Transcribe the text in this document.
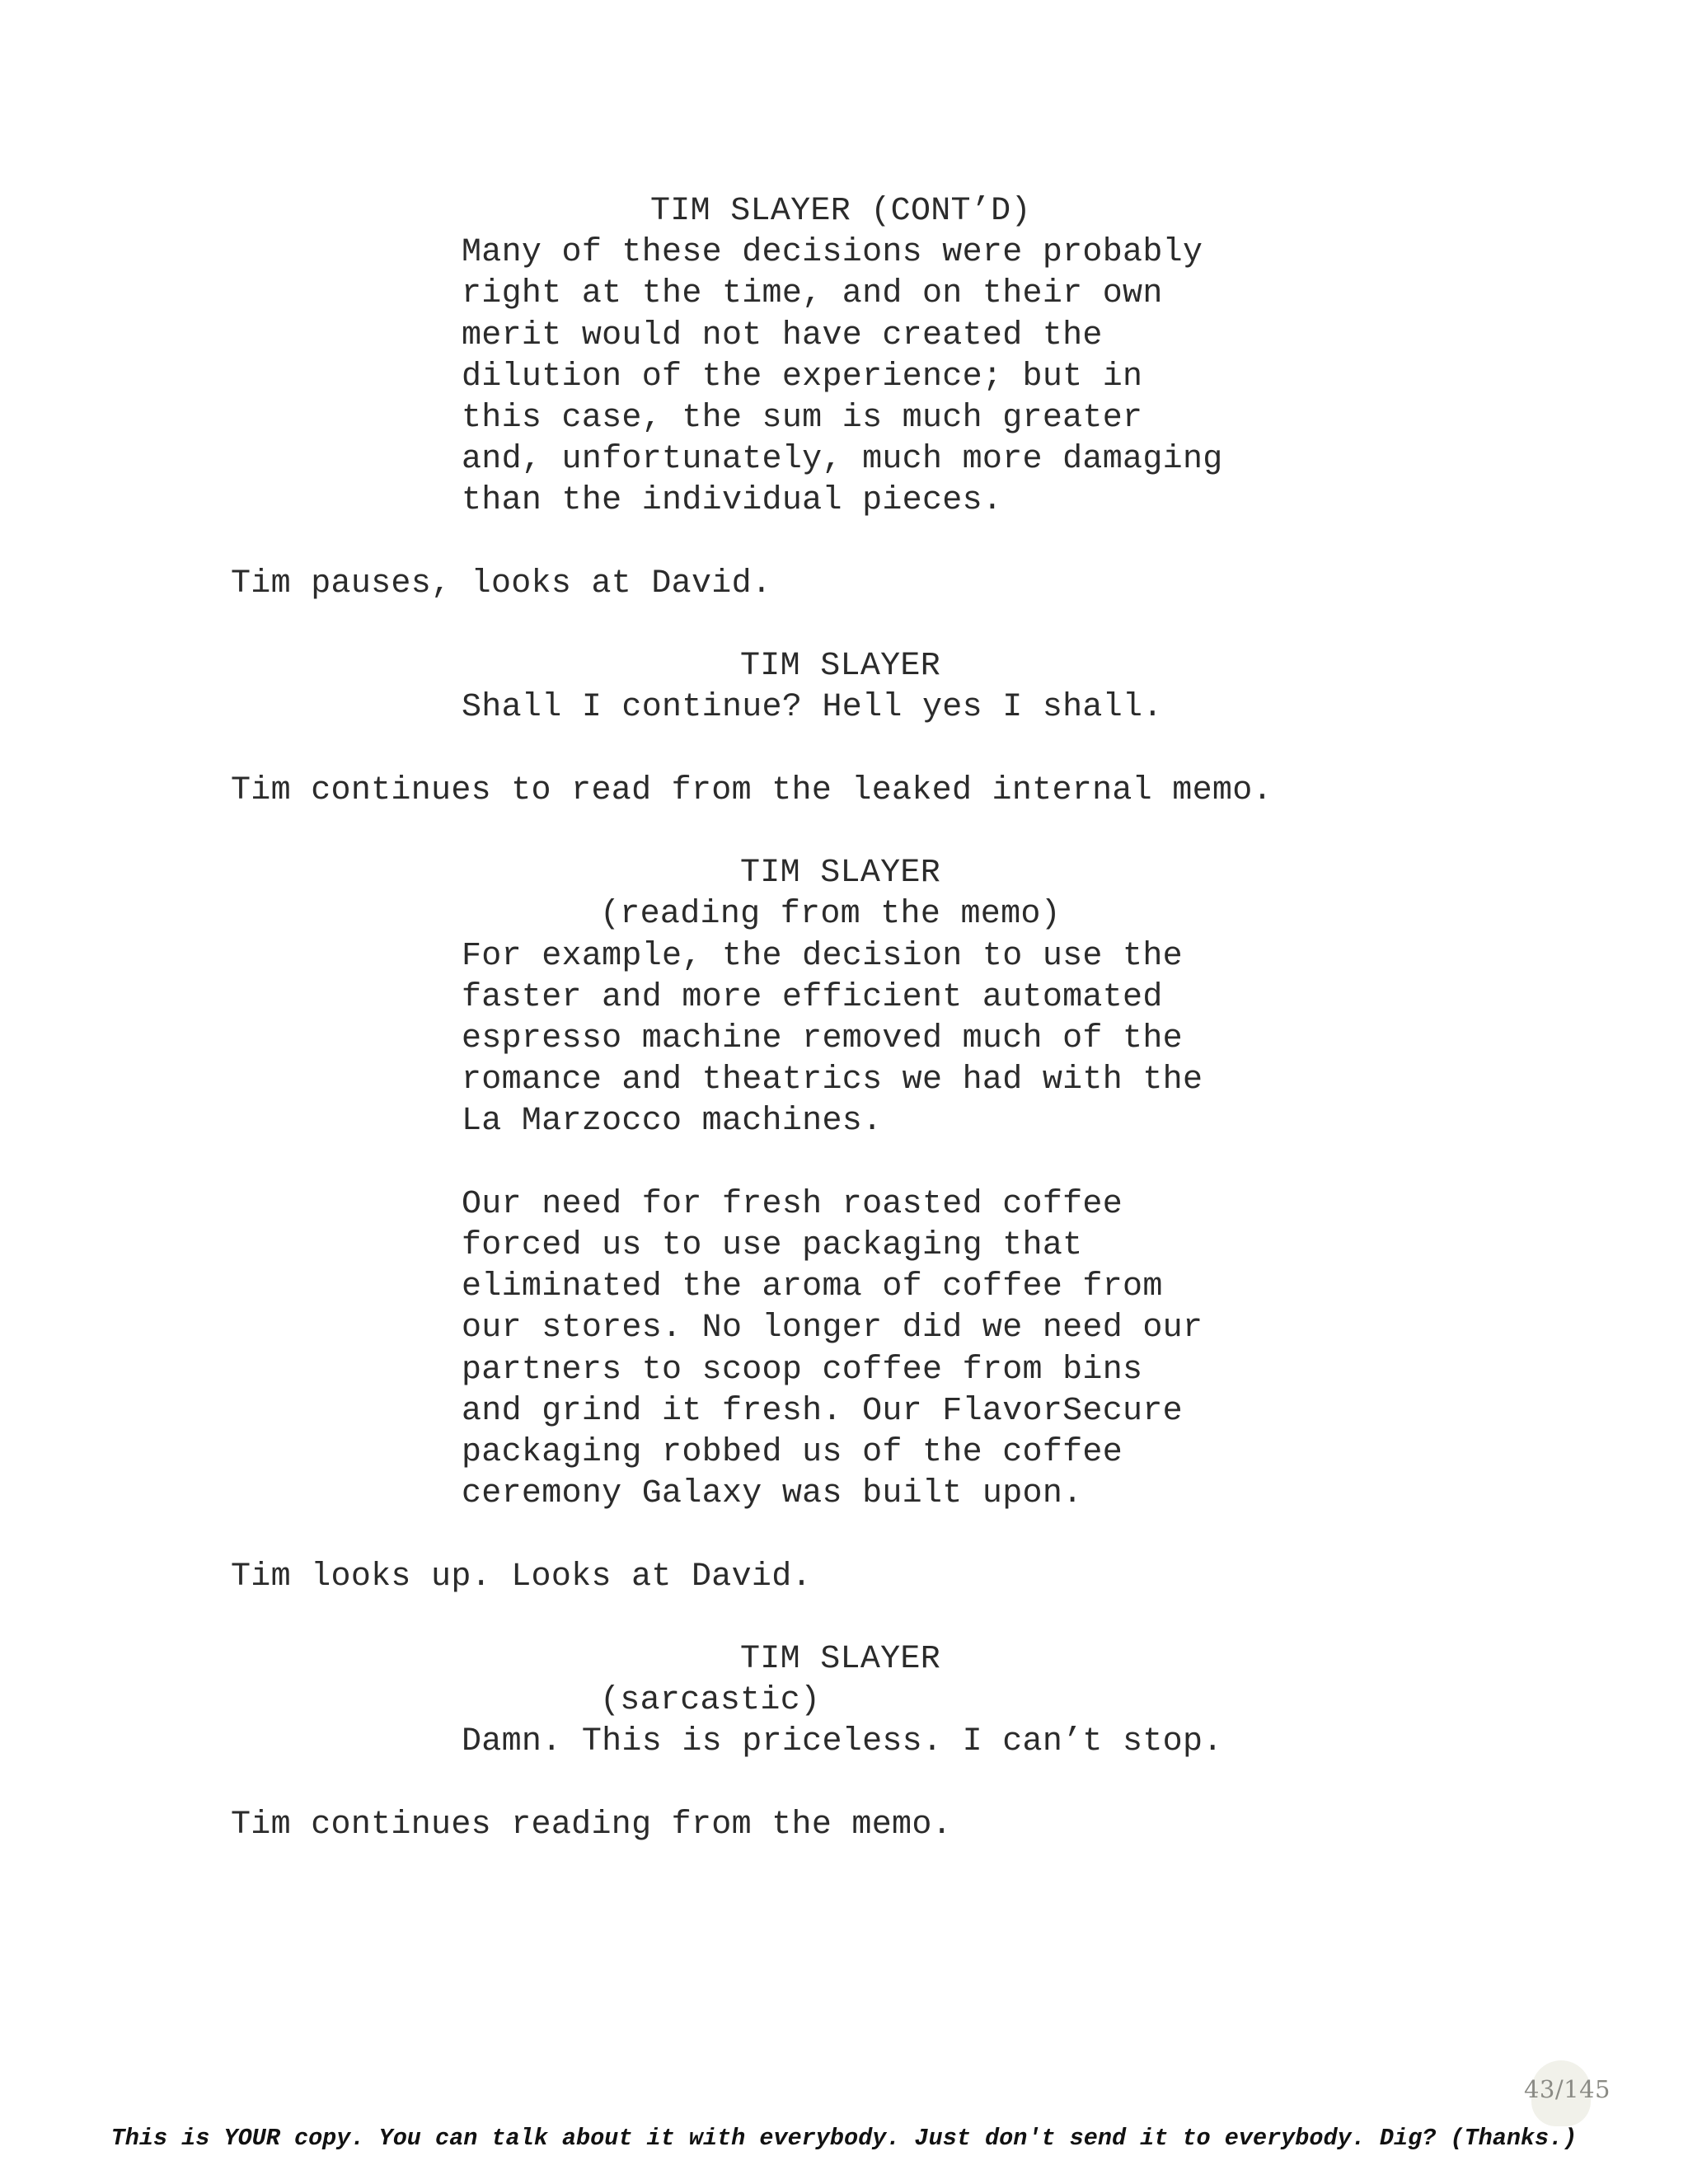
TIM SLAYER (CONT’D)
Many of these decisions were probably
right at the time, and on their own
merit would not have created the
dilution of the experience; but in
this case, the sum is much greater
and, unfortunately, much more damaging
than the individual pieces.
Tim pauses, looks at David.
TIM SLAYER
Shall I continue? Hell yes I shall.
Tim continues to read from the leaked internal memo.
TIM SLAYER
(reading from the memo)
For example, the decision to use the
faster and more efficient automated
espresso machine removed much of the
romance and theatrics we had with the
La Marzocco machines.
Our need for fresh roasted coffee
forced us to use packaging that
eliminated the aroma of coffee from
our stores. No longer did we need our
partners to scoop coffee from bins
and grind it fresh. Our FlavorSecure
packaging robbed us of the coffee
ceremony Galaxy was built upon.
Tim looks up. Looks at David.
TIM SLAYER
(sarcastic)
Damn. This is priceless. I can’t stop.
Tim continues reading from the memo.
43/145
This is YOUR copy. You can talk about it with everybody. Just don't send it to everybody. Dig? (Thanks.)
